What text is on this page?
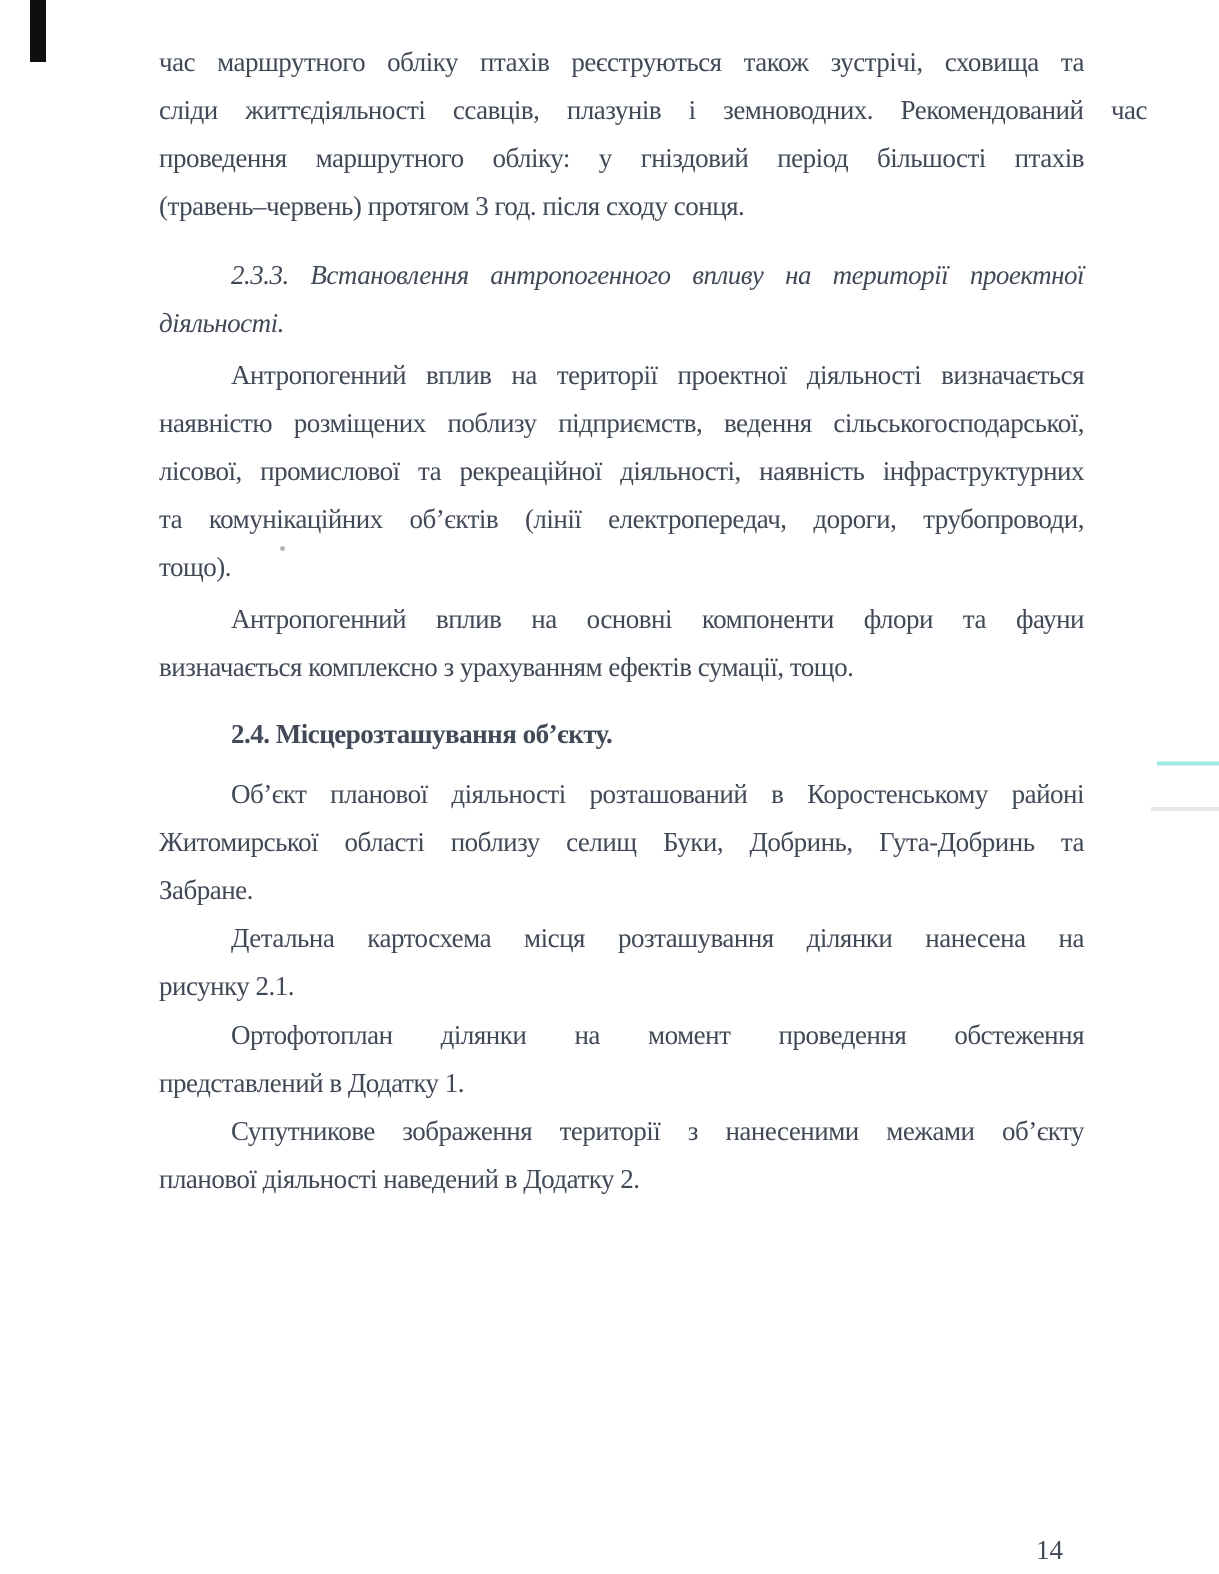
час маршрутного обліку птахів реєструються також зустрічі, сховища та
сліди життєдіяльності ссавців, плазунів і земноводних. Рекомендований час
проведення маршрутного обліку: у гніздовий період більшості птахів
(травень–червень) протягом 3 год. після сходу сонця.
2.3.3. Встановлення антропогенного впливу на території проектної
діяльності.
Антропогенний вплив на території проектної діяльності визначається
наявністю розміщених поблизу підприємств, ведення сільськогосподарської,
лісової, промислової та рекреаційної діяльності, наявність інфраструктурних
та комунікаційних об’єктів (лінії електропередач, дороги, трубопроводи,
тощо).
Антропогенний вплив на основні компоненти флори та фауни
визначається комплексно з урахуванням ефектів сумації, тощо.
2.4. Місцерозташування об’єкту.
Об’єкт планової діяльності розташований в Коростенському районі
Житомирської області поблизу селищ Буки, Добринь, Гута-Добринь та
Забране.
Детальна картосхема місця розташування ділянки нанесена на
рисунку 2.1.
Ортофотоплан ділянки на момент проведення обстеження
представлений в Додатку 1.
Супутникове зображення території з нанесеними межами об’єкту
планової діяльності наведений в Додатку 2.
14
